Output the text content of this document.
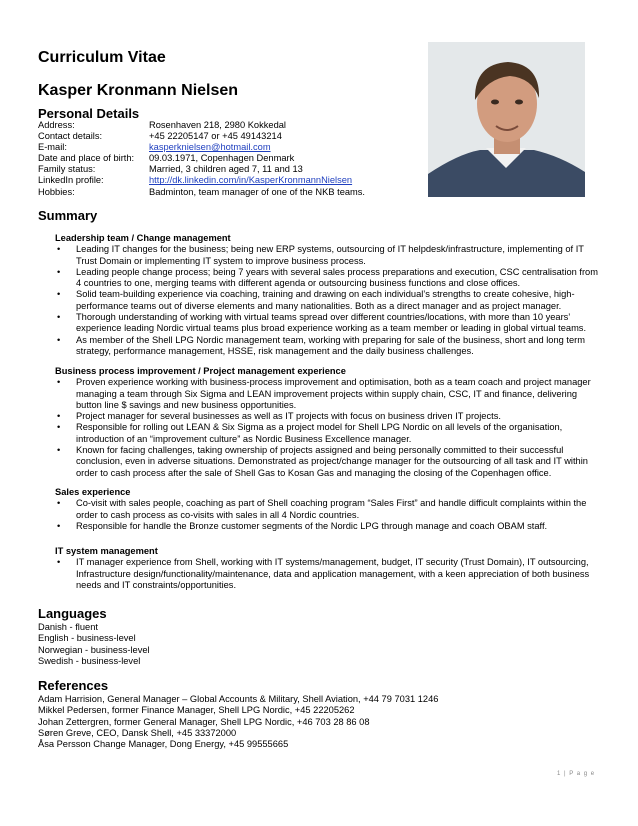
Curriculum Vitae
Kasper Kronmann Nielsen
Personal Details
Address:	Rosenhaven 218, 2980 Kokkedal
Contact details:	+45 22205147 or +45 49143214
E-mail:	kasperknielsen@hotmail.com
Date and place of birth:	09.03.1971, Copenhagen Denmark
Family status:	Married, 3 children aged 7, 11 and 13
LinkedIn profile:	http://dk.linkedin.com/in/KasperKronmannNielsen
Hobbies:	Badminton, team manager of one of the NKB teams.
Summary
Leadership team / Change management
• Leading IT changes for the business; being new ERP systems, outsourcing of IT helpdesk/infrastructure, implementing of IT Trust Domain or implementing IT system to improve business process.
• Leading people change process; being 7 years with several sales process preparations and execution, CSC centralisation from 4 countries to one, merging teams with different agenda or outsourcing business functions and close offices.
• Solid team-building experience via coaching, training and drawing on each individual’s strengths to create cohesive, high-performance teams out of diverse elements and many nationalities. Both as a direct manager and as project manager.
• Thorough understanding of working with virtual teams spread over different countries/locations, with more than 10 years’ experience leading Nordic virtual teams plus broad experience working as a team member or leading in global virtual teams.
• As member of the Shell LPG Nordic management team, working with preparing for sale of the business, short and long term strategy, performance management, HSSE, risk management and the daily business challenges.
Business process improvement / Project management experience
• Proven experience working with business-process improvement and optimisation, both as a team coach and project manager managing a team through Six Sigma and LEAN improvement projects within supply chain, CSC, IT and finance, delivering button line $ savings and new business opportunities.
• Project manager for several businesses as well as IT projects with focus on business driven IT projects.
• Responsible for rolling out LEAN & Six Sigma as a project model for Shell LPG Nordic on all levels of the organisation, introduction of an “improvement culture” as Nordic Business Excellence manager.
• Known for facing challenges, taking ownership of projects assigned and being personally committed to their successful conclusion, even in adverse situations. Demonstrated as project/change manager for the outsourcing of all task and IT within order to cash process after the sale of Shell Gas to Kosan Gas and managing the closing of the Copenhagen office.
Sales experience
• Co-visit with sales people, coaching as part of Shell coaching program “Sales First” and handle difficult complaints within the order to cash process as co-visits with sales in all 4 Nordic countries.
• Responsible for handle the Bronze customer segments of the Nordic LPG through manage and coach OBAM staff.
IT system management
• IT manager experience from Shell, working with IT systems/management, budget, IT security (Trust Domain), IT outsourcing, Infrastructure design/functionality/maintenance, data and application management, with a keen appreciation of both business needs and IT constraints/opportunities.
Languages
Danish - fluent
English - business-level
Norwegian - business-level
Swedish - business-level
References
Adam Harrision, General Manager – Global Accounts & Military, Shell Aviation, +44 79 7031 1246
Mikkel Pedersen, former Finance Manager, Shell LPG Nordic, +45 22205262
Johan Zettergren, former General Manager, Shell LPG Nordic, +46 703 28 86 08
Søren Greve, CEO, Dansk Shell, +45 33372000
Åsa Persson Change Manager, Dong Energy, +45 99555665
1 | P a g e
